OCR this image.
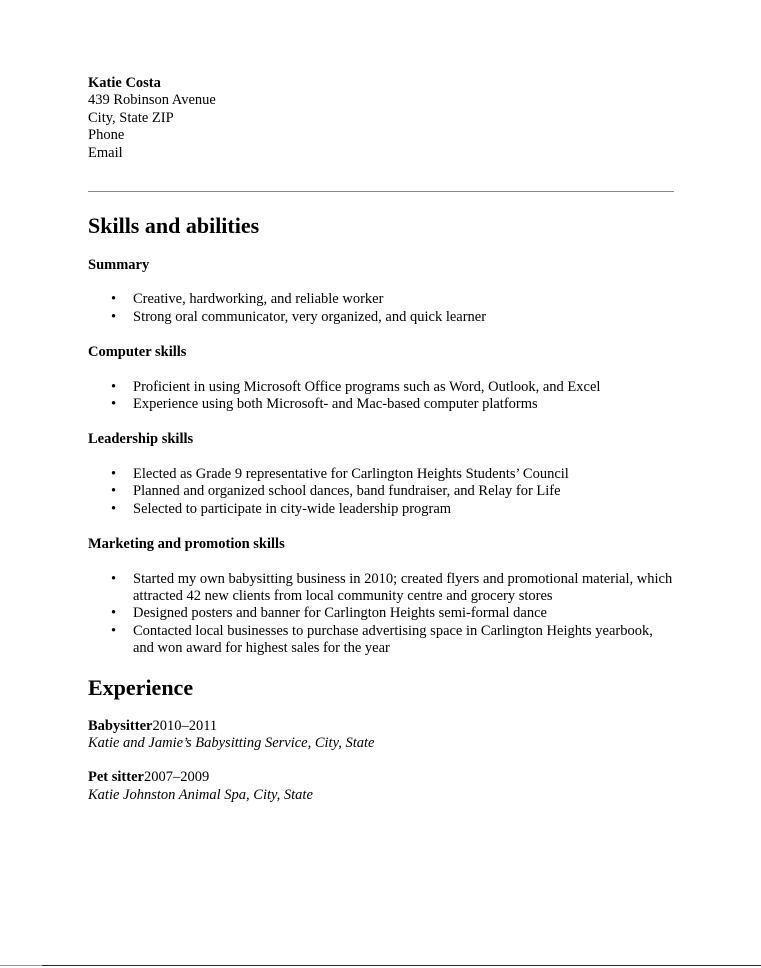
Katie Costa
439 Robinson Avenue
City, State ZIP
Phone
Email
Skills and abilities
Summary
• Creative, hardworking, and reliable worker
• Strong oral communicator, very organized, and quick learner
Computer skills
• Proficient in using Microsoft Office programs such as Word, Outlook, and Excel
• Experience using both Microsoft- and Mac-based computer platforms
Leadership skills
• Elected as Grade 9 representative for Carlington Heights Students’ Council
• Planned and organized school dances, band fundraiser, and Relay for Life
• Selected to participate in city-wide leadership program
Marketing and promotion skills
• Started my own babysitting business in 2010; created flyers and promotional material, which attracted 42 new clients from local community centre and grocery stores
• Designed posters and banner for Carlington Heights semi-formal dance
• Contacted local businesses to purchase advertising space in Carlington Heights yearbook, and won award for highest sales for the year
Experience
Babysitter2010–2011
Katie and Jamie’s Babysitting Service, City, State
Pet sitter2007–2009
Katie Johnston Animal Spa, City, State
